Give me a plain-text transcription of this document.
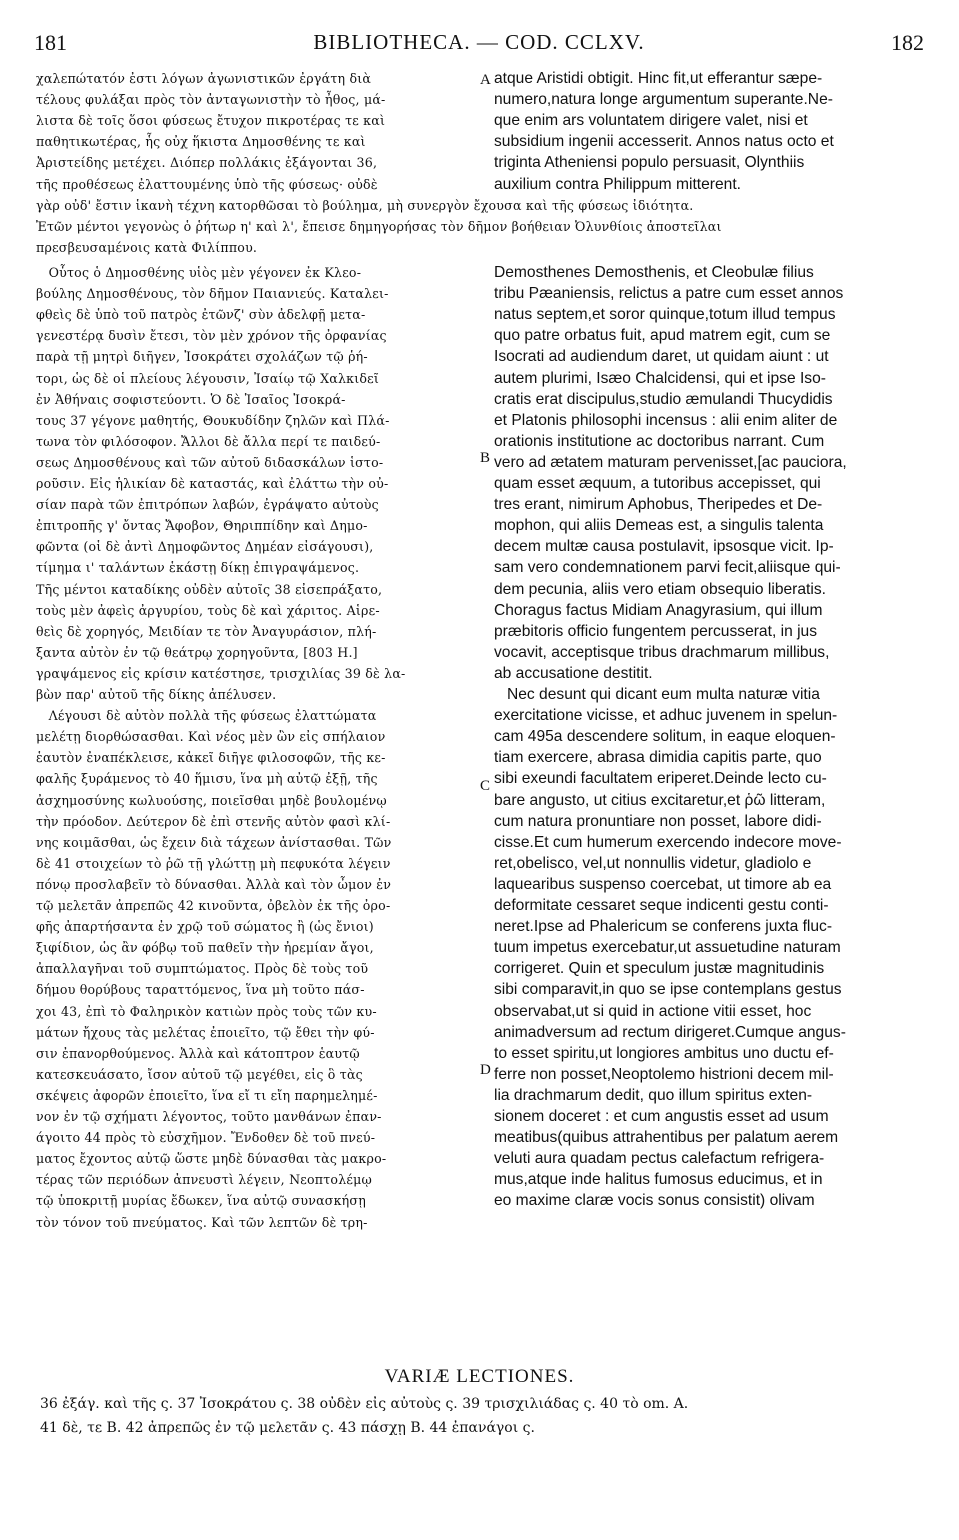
181	BIBLIOTHECA. — COD. CCLXV.	182
χαλεπώτατόν ἐστι λόγων ἀγωνιστικῶν ἐργάτη διὰ
τέλους φυλάξαι πρὸς τὸν ἀνταγωνιστὴν τὸ ἦθος, μά-
λιστα δὲ τοῖς ὅσοι φύσεως ἔτυχον πικροτέρας τε καὶ
παθητικωτέρας, ἧς οὐχ ἥκιστα Δημοσθένης τε καὶ
Ἀριστείδης μετέχει. Διόπερ πολλάκις ἐξάγονται 36,
τῆς προθέσεως ἐλαττουμένης ὑπὸ τῆς φύσεως· οὐδὲ
atque Aristidi obtigit. Hinc fit,ut efferantur sæpe-
numero,natura longe argumentum superante.Ne-
que enim ars voluntatem dirigere valet, nisi et
subsidium ingenii accesserit. Annos natus octo et
triginta Atheniensi populo persuasit, Olynthiis
auxilium contra Philippum mitterent.
γὰρ οὐδ' ἔστιν ἱκανὴ τέχνη κατορθῶσαι τὸ βούλημα, μὴ συνεργὸν ἔχουσα καὶ τῆς φύσεως ἰδιότητα.
Ἐτῶν μέντοι γεγονὼς ὁ ῥήτωρ η' καὶ λ', ἔπεισε δημηγορήσας τὸν δῆμον βοήθειαν Ὀλυνθίοις ἀποστεῖλαι
πρεσβευσαμένοις κατὰ Φιλίππου.
Οὗτος ὁ Δημοσθένης υἱὸς μὲν γέγονεν ἐκ Κλεο-
βούλης Δημοσθένους, τὸν δῆμον Παιανιεύς. Καταλει-
φθεὶς δὲ ὑπὸ τοῦ πατρὸς ἐτῶνζ' σὺν ἀδελφῇ μετα-
γενεστέρᾳ δυσὶν ἔτεσι, τὸν μὲν χρόνον τῆς ὀρφανίας
παρὰ τῇ μητρὶ διῆγεν, Ἰσοκράτει σχολάζων τῷ ῥή-
τορι, ὡς δὲ οἱ πλείους λέγουσιν, Ἰσαίῳ τῷ Χαλκιδεῖ
ἐν Ἀθήναις σοφιστεύοντι. Ὁ δὲ Ἰσαῖος Ἰσοκρά-
τους 37 γέγονε μαθητής, Θουκυδίδην ζηλῶν καὶ Πλά-
τωνα τὸν φιλόσοφον. Ἄλλοι δὲ ἄλλα περί τε παιδεύ-
σεως Δημοσθένους καὶ τῶν αὐτοῦ διδασκάλων ἱστο-
ροῦσιν. Εἰς ἡλικίαν δὲ καταστάς, καὶ ἐλάττω τὴν οὐ-
σίαν παρὰ τῶν ἐπιτρόπων λαβών, ἐγράψατο αὐτοὺς
ἐπιτροπῆς γ' ὄντας Ἄφοβον, Θηριππίδην καὶ Δημο-
φῶντα (οἱ δὲ ἀντὶ Δημοφῶντος Δημέαν εἰσάγουσι),
τίμημα ι' ταλάντων ἑκάστῃ δίκῃ ἐπιγραψάμενος.
Τῆς μέντοι καταδίκης οὐδὲν αὐτοῖς 38 εἰσεπράξατο,
τοὺς μὲν ἀφεὶς ἀργυρίου, τοὺς δὲ καὶ χάριτος. Αἱρε-
θεὶς δὲ χορηγός, Μειδίαν τε τὸν Ἀναγυράσιον, πλή-
ξαντα αὐτὸν ἐν τῷ θεάτρῳ χορηγοῦντα, [803 H.]
γραψάμενος εἰς κρίσιν κατέστησε, τρισχιλίας 39 δὲ λα-
βὼν παρ' αὐτοῦ τῆς δίκης ἀπέλυσεν.
Λέγουσι δὲ αὐτὸν πολλὰ τῆς φύσεως ἐλαττώματα
μελέτῃ διορθώσασθαι. Καὶ νέος μὲν ὢν εἰς σπήλαιον
ἑαυτὸν ἐναπέκλεισε, κἀκεῖ διῆγε φιλοσοφῶν, τῆς κε-
φαλῆς ξυράμενος τὸ 40 ἥμισυ, ἵνα μὴ αὐτῷ ἐξῇ, τῆς
ἀσχημοσύνης κωλυούσης, ποιεῖσθαι μηδὲ βουλομένῳ
τὴν πρόοδον. Δεύτερον δὲ ἐπὶ στενῆς αὐτὸν φασὶ κλί-
νης κοιμᾶσθαι, ὡς ἔχειν διὰ τάχεων ἀνίστασθαι. Τῶν
δὲ 41 στοιχείων τὸ ῥῶ τῇ γλώττῃ μὴ πεφυκότα λέγειν
πόνῳ προσλαβεῖν τὸ δύνασθαι. Ἀλλὰ καὶ τὸν ὦμον ἐν
τῷ μελετᾶν ἀπρεπῶς 42 κινοῦντα, ὀβελὸν ἐκ τῆς ὀρο-
φῆς ἀπαρτήσαντα ἐν χρῷ τοῦ σώματος ἢ (ὡς ἔνιοι)
ξιφίδιον, ὡς ἂν φόβῳ τοῦ παθεῖν τὴν ἠρεμίαν ἄγοι,
ἀπαλλαγῆναι τοῦ συμπτώματος. Πρὸς δὲ τοὺς τοῦ
δήμου θορύβους ταραττόμενος, ἵνα μὴ τοῦτο πάσ-
χοι 43, ἐπὶ τὸ Φαληρικὸν κατιὼν πρὸς τοὺς τῶν κυ-
μάτων ἤχους τὰς μελέτας ἐποιεῖτο, τῷ ἔθει τὴν φύ-
σιν ἐπανορθούμενος. Ἀλλὰ καὶ κάτοπτρον ἑαυτῷ
κατεσκευάσατο, ἴσον αὐτοῦ τῷ μεγέθει, εἰς ὃ τὰς
σκέψεις ἀφορῶν ἐποιεῖτο, ἵνα εἴ τι εἴη παρημελημέ-
νον ἐν τῷ σχήματι λέγοντος, τοῦτο μανθάνων ἐπαν-
άγοιτο 44 πρὸς τὸ εὐσχῆμον. Ἔνδοθεν δὲ τοῦ πνεύ-
ματος ἔχοντος αὐτῷ ὥστε μηδὲ δύνασθαι τὰς μακρο-
τέρας τῶν περιόδων ἀπνευστὶ λέγειν, Νεοπτολέμῳ
τῷ ὑποκριτῇ μυρίας ἔδωκεν, ἵνα αὐτῷ συνασκήσῃ
τὸν τόνον τοῦ πνεύματος. Καὶ τῶν λεπτῶν δὲ τρη-
Demosthenes Demosthenis, et Cleobulæ filius
tribu Pæaniensis, relictus a patre cum esset annos
natus septem,et soror quinque,totum illud tempus
quo patre orbatus fuit, apud matrem egit, cum se
Isocrati ad audiendum daret, ut quidam aiunt : ut
autem plurimi, Isæo Chalcidensi, qui et ipse Iso-
cratis erat discipulus,studio æmulandi Thucydidis
et Platonis philosophi incensus : alii enim aliter de
orationis institutione ac doctoribus narrant. Cum
vero ad ætatem maturam pervenisset,[ac pauciora,
quam esset æquum, a tutoribus accepisset, qui
tres erant, nimirum Aphobus, Theripedes et De-
mophon, qui aliis Demeas est, a singulis talenta
decem multæ causa postulavit, ipsosque vicit. Ip-
sam vero condemnationem parvi fecit,aliisque qui-
dem pecunia, aliis vero etiam obsequio liberatis.
Choragus factus Midiam Anagyrasium, qui illum
præbitoris officio fungentem percusserat, in jus
vocavit, acceptisque tribus drachmarum millibus,
ab accusatione destitit.
Nec desunt qui dicant eum multa naturæ vitia
exercitatione vicisse, et adhuc juvenem in spelun-
cam 495a descendere solitum, in eaque eloquen-
tiam exercere, abrasa dimidia capitis parte, quo
sibi exeundi facultatem eriperet.Deinde lecto cu-
bare angusto, ut citius excitaretur,et ῥῶ litteram,
cum natura pronuntiare non posset, labore didi-
cisse.Et cum humerum exercendo indecore move-
ret,obelisco, vel,ut nonnullis videtur, gladiolo e
laquearibus suspenso coercebat, ut timore ab ea
deformitate cessaret seque indicenti gestu conti-
neret.Ipse ad Phalericum se conferens juxta fluc-
tuum impetus exercebatur,ut assuetudine naturam
corrigeret. Quin et speculum justæ magnitudinis
sibi comparavit,in quo se ipse contemplans gestus
observabat,ut si quid in actione vitii esset, hoc
animadversum ad rectum dirigeret.Cumque angus-
to esset spiritu,ut longiores ambitus uno ductu ef-
ferre non posset,Neoptolemo histrioni decem mil-
lia drachmarum dedit, quo illum spiritus exten-
sionem doceret : et cum angustis esset ad usum
meatibus(quibus attrahentibus per palatum aerem
veluti aura quadam pectus calefactum refrigera-
mus,atque inde halitus fumosus educimus, et in
eo maxime claræ vocis sonus consistit) olivam
A
B
C
D
VARIÆ LECTIONES.
36 ἐξάγ. καὶ τῆς ς. 37 Ἰσοκράτου ς. 38 οὐδὲν εἰς αὐτοὺς ς. 39 τρισχιλιάδας ς. 40 τὸ om. A.
41 δὲ, τε B. 42 ἀπρεπῶς ἐν τῷ μελετᾶν ς. 43 πάσχῃ B. 44 ἐπανάγοι ς.
